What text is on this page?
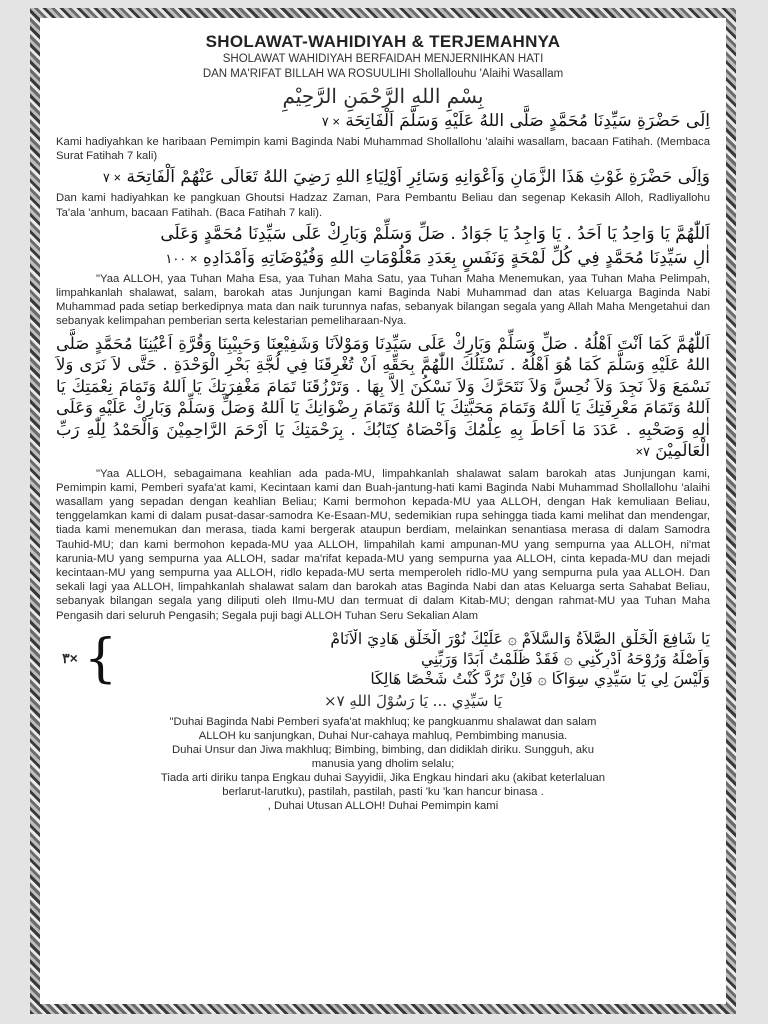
SHOLAWAT-WAHIDIYAH & TERJEMAHNYA
SHOLAWAT WAHIDIYAH BERFAIDAH MENJERNIHKAN HATI
DAN MA'RIFAT BILLAH WA ROSUULIHI Shollallouhu 'Alaihi Wasallam
بِسْمِ اللهِ الرَّحْمَنِ الرَّحِيْمِ
اِلَى حَضْرَةِ سَيِّدِنَا مُحَمَّدٍ صَلَّى اللهُ عَلَيْهِ وَسَلَّمَ اَلْفَاتِحَة ٧ ×
Kami hadiyahkan ke haribaan Pemimpin kami Baginda Nabi Muhammad Shollallohu 'alaihi wasallam, bacaan Fatihah. (Membaca Surat Fatihah 7 kali)
وَاِلَى حَضْرَةِ غَوْثِ هَذَا الزَّمَانِ وَاَعْوَانِهِ وَسَائِرِ اَوْلِيَاءِ اللهِ رَضِيَ اللهُ تَعَالَى عَنْهُمْ اَلْفَاتِحَة ٧ ×
Dan kami hadiyahkan ke pangkuan Ghoutsi Hadzaz Zaman, Para Pembantu Beliau dan segenap Kekasih Alloh, Radliyallohu Ta'ala 'anhum, bacaan Fatihah. (Baca Fatihah 7 kali).
اَللّٰهُمَّ يَا وَاحِدُ يَا اَحَدُ . يَا وَاجِدُ يَا جَوَادُ . صَلِّ وَسَلِّمْ وَبَارِكْ عَلَى سَيِّدِنَا مُحَمَّدٍ وَعَلَى
اٰلِ سَيِّدِنَا مُحَمَّدٍ فِي كُلِّ لَمْحَةٍ وَنَفَسٍ بِعَدَدِ مَعْلُوْمَاتِ اللهِ وَفُيُوْضَاتِهِ وَاَمْدَادِهِ ١٠٠ ×
"Yaa ALLOH, yaa Tuhan Maha Esa, yaa Tuhan Maha Satu, yaa Tuhan Maha Menemukan, yaa Tuhan Maha Pelimpah, limpahkanlah shalawat, salam, barokah atas Junjungan kami Baginda Nabi Muhammad dan atas Keluarga Baginda Nabi Muhammad pada setiap berkedipnya mata dan naik turunnya nafas, sebanyak bilangan segala yang Allah Maha Mengetahui dan sebanyak kelimpahan pemberian serta kelestarian pemeliharaan-Nya.
اَللّٰهُمَّ كَمَا اَنْتَ اَهْلُهُ . صَلِّ وَسَلِّمْ وَبَارِكْ عَلَى سَيِّدِنَا وَمَوْلاَنَا وَشَفِيْعِنَا وَحَبِيْبِنَا وَقُرَّةِ اَعْيُنِنَا مُحَمَّدٍ صَلَّى اللهُ عَلَيْهِ وَسَلَّمَ كَمَا هُوَ اَهْلُهُ . نَسْئَلُكَ اللّٰهُمَّ بِحَقِّهِ اَنْ تُغْرِقَنَا فِي لُجَّةِ بَحْرِ الْوَحْدَةِ . حَتَّى لاَ نَرَى وَلاَ نَسْمَعَ وَلاَ نَجِدَ وَلاَ نُحِسَّ وَلاَ نَتَحَرَّكَ وَلاَ نَسْكُنَ اِلاَّ بِهَا . وَتَرْزُقَنَا تَمَامَ مَغْفِرَتِكَ يَا اَللهُ وَتَمَامَ نِعْمَتِكَ يَا اَللهُ وَتَمَامَ مَعْرِفَتِكَ يَا اَللهُ وَتَمَامَ مَحَبَّتِكَ يَا اَللهُ وَتَمَامَ رِضْوَانِكَ يَا اَللهُ وَصَلِّ وَسَلِّمْ وَبَارِكْ عَلَيْهِ وَعَلَى اٰلِهِ وَصَحْبِهِ . عَدَدَ مَا اَحَاطَ بِهِ عِلْمُكَ وَاَحْصَاهُ كِتَابُكَ . بِرَحْمَتِكَ يَا اَرْحَمَ الرَّاحِمِيْنَ وَالْحَمْدُ لِلّٰهِ رَبِّ الْعَالَمِيْنَ ٧×
"Yaa ALLOH, sebagaimana keahlian ada pada-MU, limpahkanlah shalawat salam barokah atas Junjungan kami, Pemimpin kami, Pemberi syafa'at kami, Kecintaan kami dan Buah-jantung-hati kami Baginda Nabi Muhammad Shollallohu 'alaihi wasallam yang sepadan dengan keahlian Beliau; Kami bermohon kepada-MU yaa ALLOH, dengan Hak kemuliaan Beliau, tenggelamkan kami di dalam pusat-dasar-samodra Ke-Esaan-MU, sedemikian rupa sehingga tiada kami melihat dan mendengar, tiada kami menemukan dan merasa, tiada kami bergerak ataupun berdiam, melainkan senantiasa merasa di dalam Samodra Tauhid-MU; dan kami bermohon kepada-MU yaa ALLOH, limpahilah kami ampunan-MU yang sempurna yaa ALLOH, ni'mat karunia-MU yang sempurna yaa ALLOH, sadar ma'rifat kepada-MU yang sempurna yaa ALLOH, cinta kepada-MU dan mejadi kecintaan-MU yang sempurna yaa ALLOH, ridlo kepada-MU serta memperoleh ridlo-MU yang sempurna pula yaa ALLOH. Dan sekali lagi yaa ALLOH, limpahkanlah shalawat salam dan barokah atas Baginda Nabi dan atas Keluarga serta Sahabat Beliau, sebanyak bilangan segala yang diliputi oleh Ilmu-MU dan termuat di dalam Kitab-MU; dengan rahmat-MU yaa Tuhan Maha Pengasih dari seluruh Pengasih; Segala puji bagi ALLOH Tuhan Seru Sekalian Alam
٣× {	يَا شَافِعَ الْخَلْقِ الصَّلاَةُ وَالسَّلاَمْ ۞ عَلَيْكَ نُوْرَ الْخَلْقِ هَادِيَ الْاَنَامْ
وَاَصْلَهُ وَرُوْحَهُ اَدْرِكْنِي ۞ فَقَدْ ظَلَمْتُ اَبَدًا وَرَبِّنِي
وَلَيْسَ لِي يَا سَيِّدِي سِوَاكَا ۞ فَاِنْ تَرُدَّ كُنْتُ شَخْصًا هَالِكَا
يَا سَيِّدِي ... يَا رَسُوْلَ اللهِ ٧×
"Duhai Baginda Nabi Pemberi syafa'at makhluq; ke pangkuanmu shalawat dan salam
ALLOH ku sanjungkan, Duhai Nur-cahaya mahluq, Pembimbing manusia.
Duhai Unsur dan Jiwa makhluq; Bimbing, bimbing, dan didiklah diriku. Sungguh, aku
manusia yang dholim selalu;
Tiada arti diriku tanpa Engkau duhai Sayyidii, Jika Engkau hindari aku (akibat keterlaluan
berlarut-larutku), pastilah, pastilah, pasti 'ku 'kan hancur binasa .
, Duhai Utusan ALLOH! Duhai Pemimpin kami
